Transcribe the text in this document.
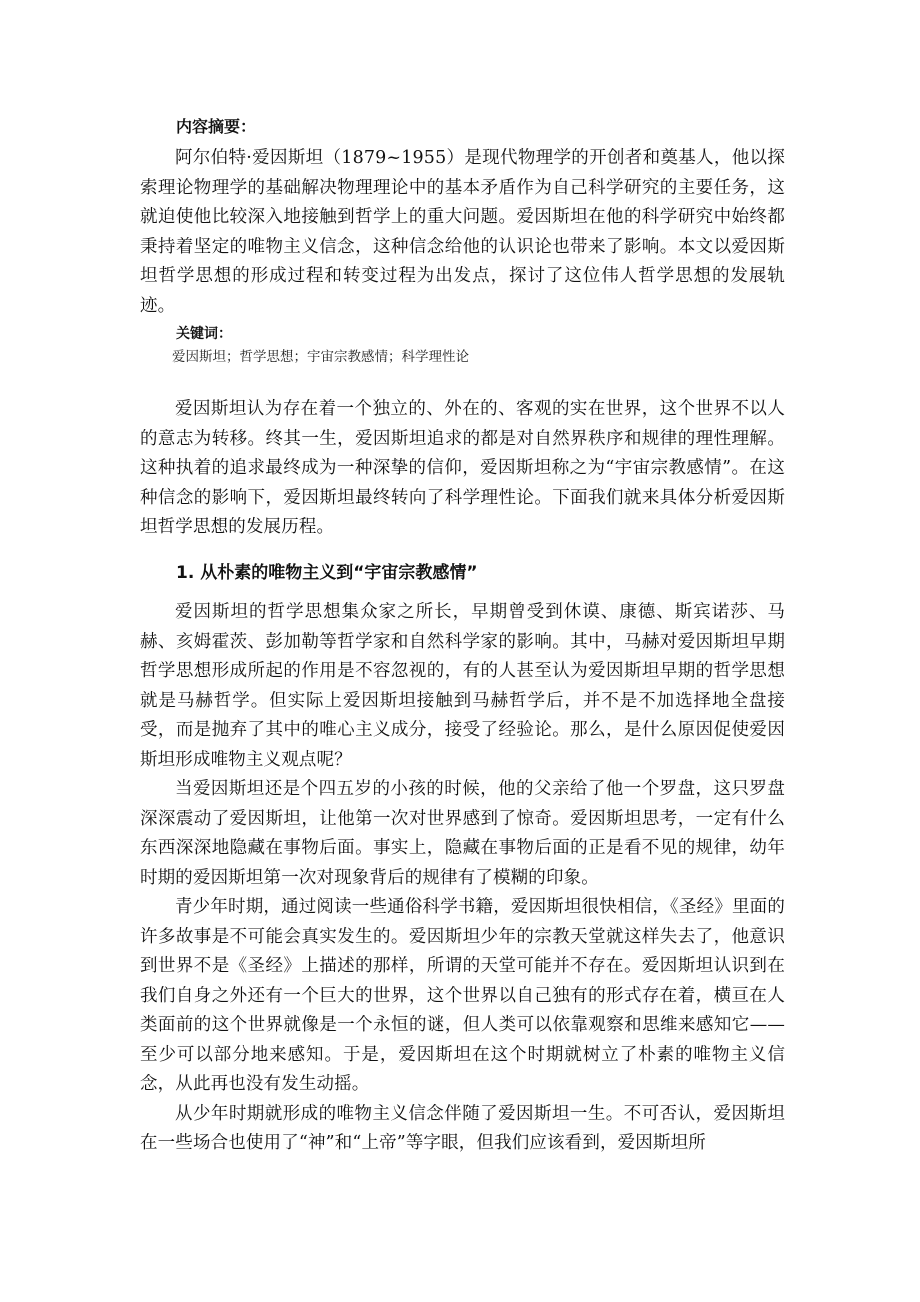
内容摘要：

阿尔伯特·爱因斯坦（1879~1955）是现代物理学的开创者和奠基人，他以探索理论物理学的基础解决物理理论中的基本矛盾作为自己科学研究的主要任务，这就迫使他比较深入地接触到哲学上的重大问题。爱因斯坦在他的科学研究中始终都秉持着坚定的唯物主义信念，这种信念给他的认识论也带来了影响。本文以爱因斯坦哲学思想的形成过程和转变过程为出发点，探讨了这位伟人哲学思想的发展轨迹。

关键词：

爱因斯坦；哲学思想；宇宙宗教感情；科学理性论

爱因斯坦认为存在着一个独立的、外在的、客观的实在世界，这个世界不以人的意志为转移。终其一生，爱因斯坦追求的都是对自然界秩序和规律的理性理解。这种执着的追求最终成为一种深挚的信仰，爱因斯坦称之为“宇宙宗教感情”。在这种信念的影响下，爱因斯坦最终转向了科学理性论。下面我们就来具体分析爱因斯坦哲学思想的发展历程。

1. 从朴素的唯物主义到“宇宙宗教感情”

爱因斯坦的哲学思想集众家之所长，早期曾受到休谟、康德、斯宾诺莎、马赫、亥姆霍茨、彭加勒等哲学家和自然科学家的影响。其中，马赫对爱因斯坦早期哲学思想形成所起的作用是不容忽视的，有的人甚至认为爱因斯坦早期的哲学思想就是马赫哲学。但实际上爱因斯坦接触到马赫哲学后，并不是不加选择地全盘接受，而是抛弃了其中的唯心主义成分，接受了经验论。那么，是什么原因促使爱因斯坦形成唯物主义观点呢？

当爱因斯坦还是个四五岁的小孩的时候，他的父亲给了他一个罗盘，这只罗盘深深震动了爱因斯坦，让他第一次对世界感到了惊奇。爱因斯坦思考，一定有什么东西深深地隐藏在事物后面。事实上，隐藏在事物后面的正是看不见的规律，幼年时期的爱因斯坦第一次对现象背后的规律有了模糊的印象。

青少年时期，通过阅读一些通俗科学书籍，爱因斯坦很快相信，《圣经》里面的许多故事是不可能会真实发生的。爱因斯坦少年的宗教天堂就这样失去了，他意识到世界不是《圣经》上描述的那样，所谓的天堂可能并不存在。爱因斯坦认识到在我们自身之外还有一个巨大的世界，这个世界以自己独有的形式存在着，横亘在人类面前的这个世界就像是一个永恒的谜，但人类可以依靠观察和思维来感知它——至少可以部分地来感知。于是，爱因斯坦在这个时期就树立了朴素的唯物主义信念，从此再也没有发生动摇。

从少年时期就形成的唯物主义信念伴随了爱因斯坦一生。不可否认，爱因斯坦在一些场合也使用了“神”和“上帝”等字眼，但我们应该看到，爱因斯坦所
